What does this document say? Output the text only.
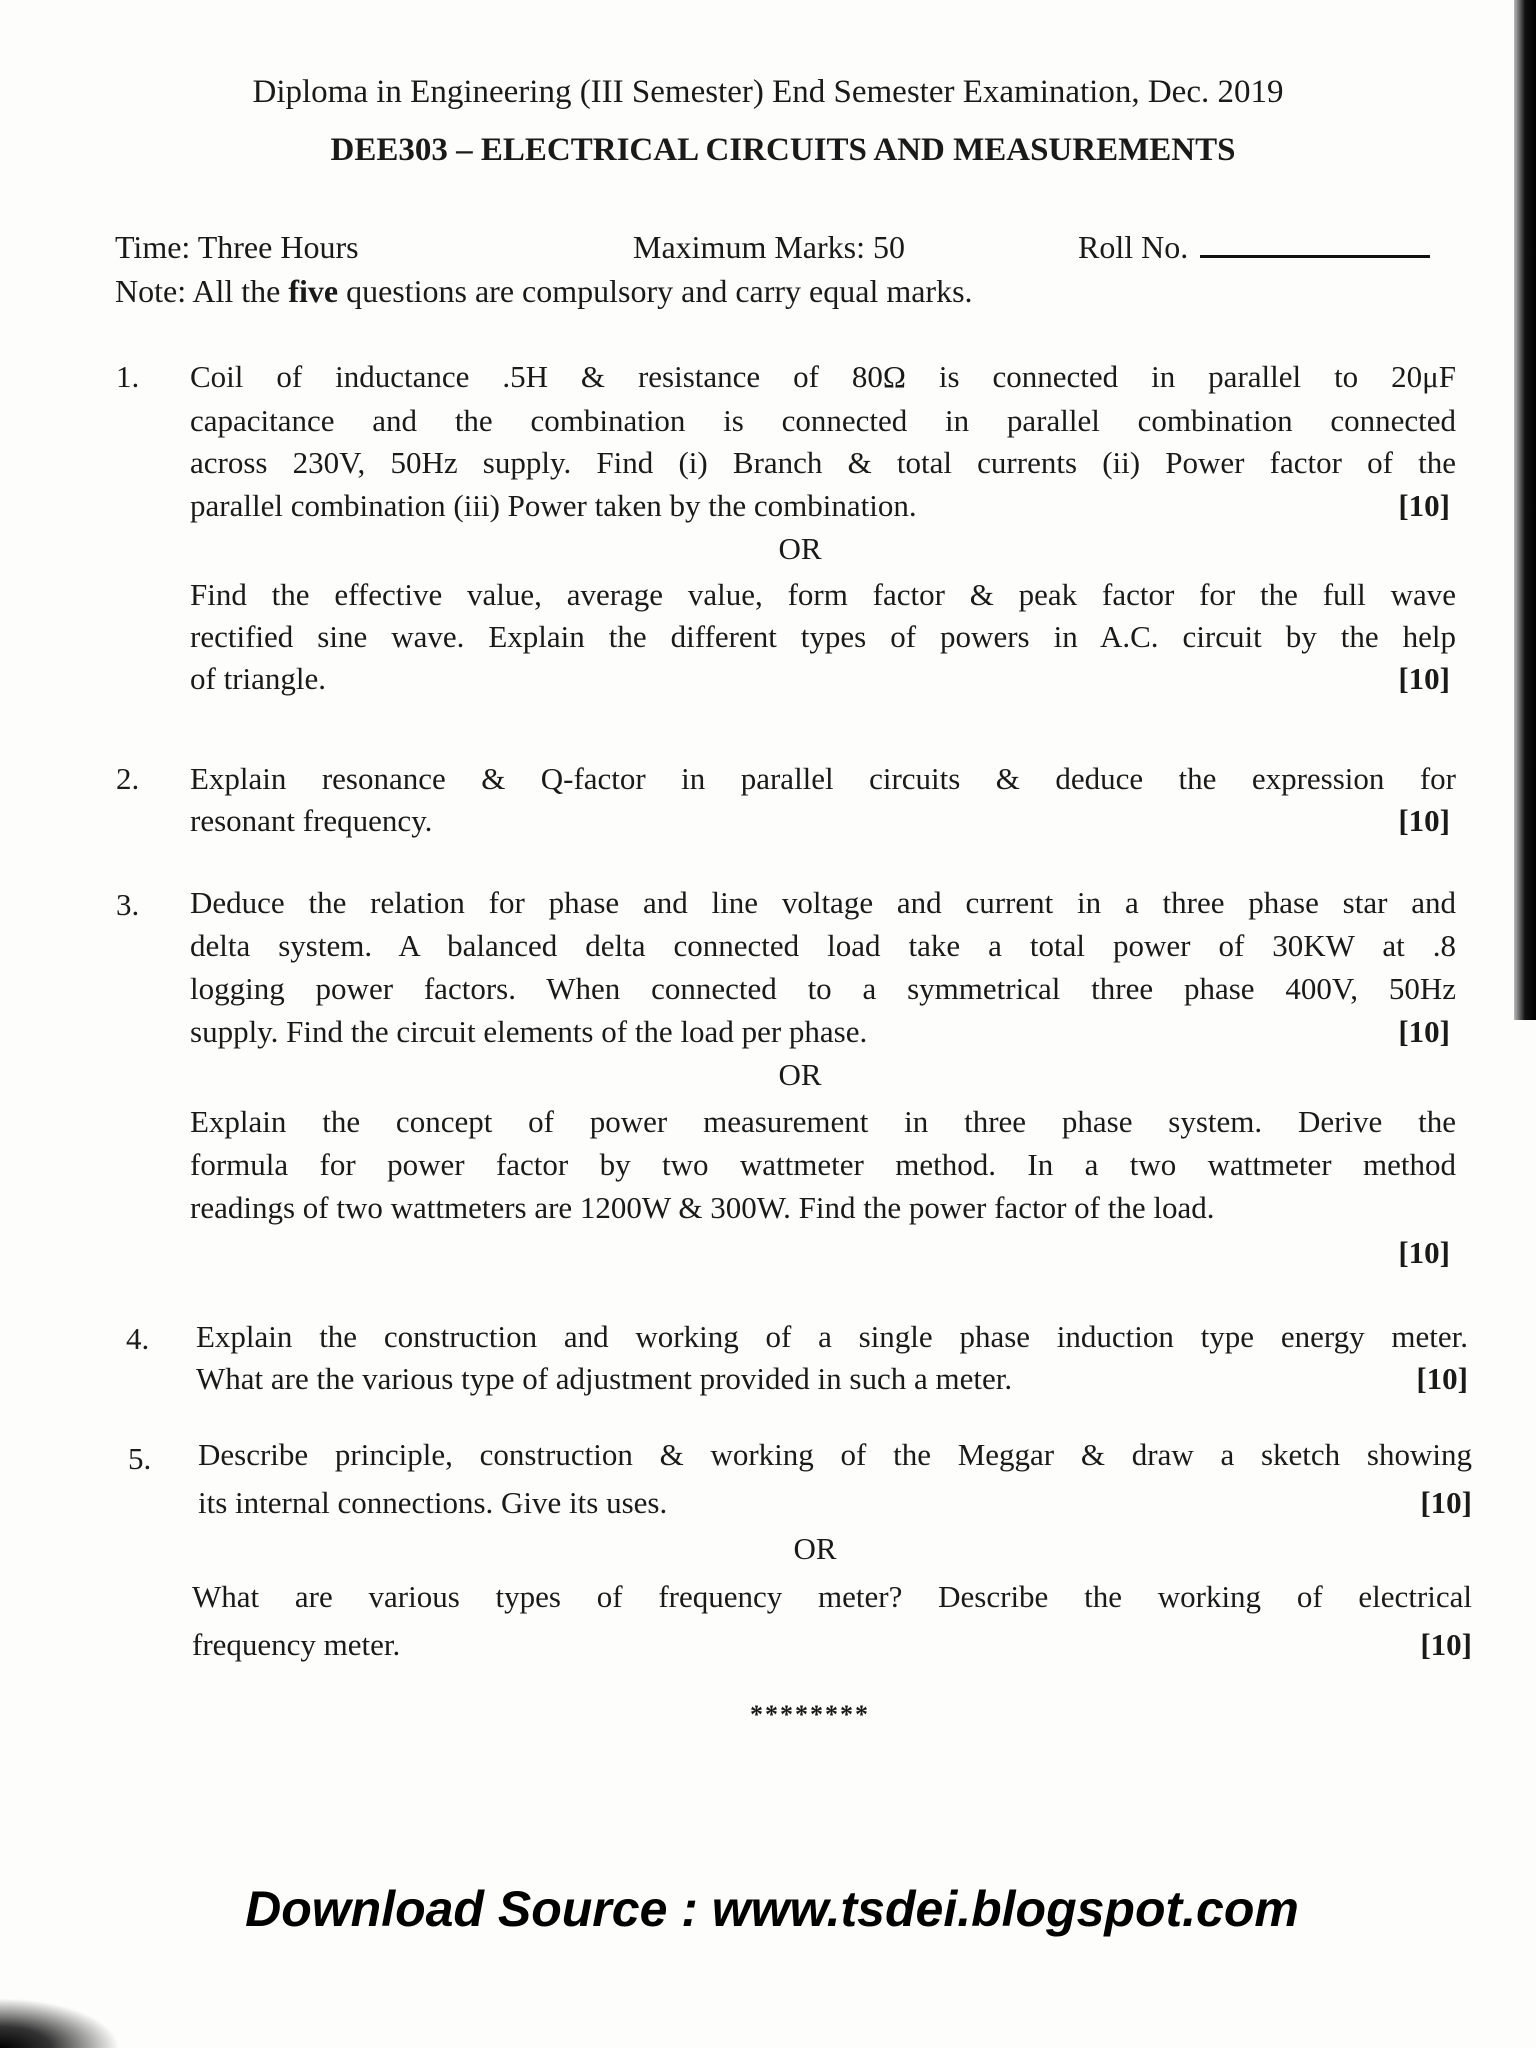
Diploma in Engineering (III Semester) End Semester Examination, Dec. 2019
DEE303 – ELECTRICAL CIRCUITS AND MEASUREMENTS
Time: Three Hours	Maximum Marks: 50	Roll No.
Note: All the five questions are compulsory and carry equal marks.
1. Coil of inductance .5H & resistance of 80Ω is connected in parallel to 20μF
capacitance and the combination is connected in parallel combination connected
across 230V, 50Hz supply. Find (i) Branch & total currents (ii) Power factor of the
parallel combination (iii) Power taken by the combination.	[10]
OR
Find the effective value, average value, form factor & peak factor for the full wave
rectified sine wave. Explain the different types of powers in A.C. circuit by the help
of triangle.	[10]
2. Explain resonance & Q-factor in parallel circuits & deduce the expression for
resonant frequency.	[10]
3. Deduce the relation for phase and line voltage and current in a three phase star and
delta system. A balanced delta connected load take a total power of 30KW at .8
logging power factors. When connected to a symmetrical three phase 400V, 50Hz
supply. Find the circuit elements of the load per phase.	[10]
OR
Explain the concept of power measurement in three phase system. Derive the
formula for power factor by two wattmeter method. In a two wattmeter method
readings of two wattmeters are 1200W & 300W. Find the power factor of the load.
[10]
4. Explain the construction and working of a single phase induction type energy meter.
What are the various type of adjustment provided in such a meter.	[10]
5. Describe principle, construction & working of the Meggar & draw a sketch showing
its internal connections. Give its uses.	[10]
OR
What are various types of frequency meter? Describe the working of electrical
frequency meter.	[10]
********
Download Source : www.tsdei.blogspot.com
